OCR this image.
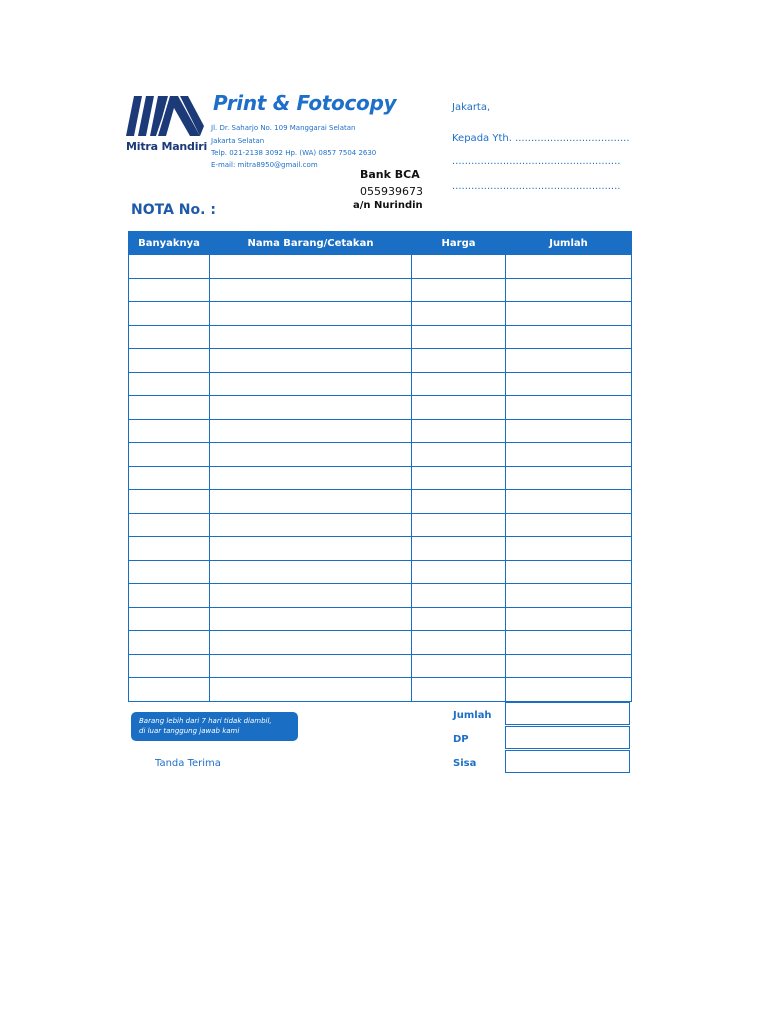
Mitra Mandiri
Print & Fotocopy
Jl. Dr. Saharjo No. 109 Manggarai Selatan
Jakarta Selatan
Telp. 021-2138 3092 Hp. (WA) 0857 7504 2630
E-mail: mitra8950@gmail.com
Jakarta,
Kepada Yth. ....................................
.....................................................
.....................................................
Bank BCA
055939673
a/n Nurindin
NOTA No. :
Banyaknya	Nama Barang/Cetakan	Harga	Jumlah

Barang lebih dari 7 hari tidak diambil,
di luar tanggung jawab kami
Jumlah
DP
Sisa
Tanda Terima
